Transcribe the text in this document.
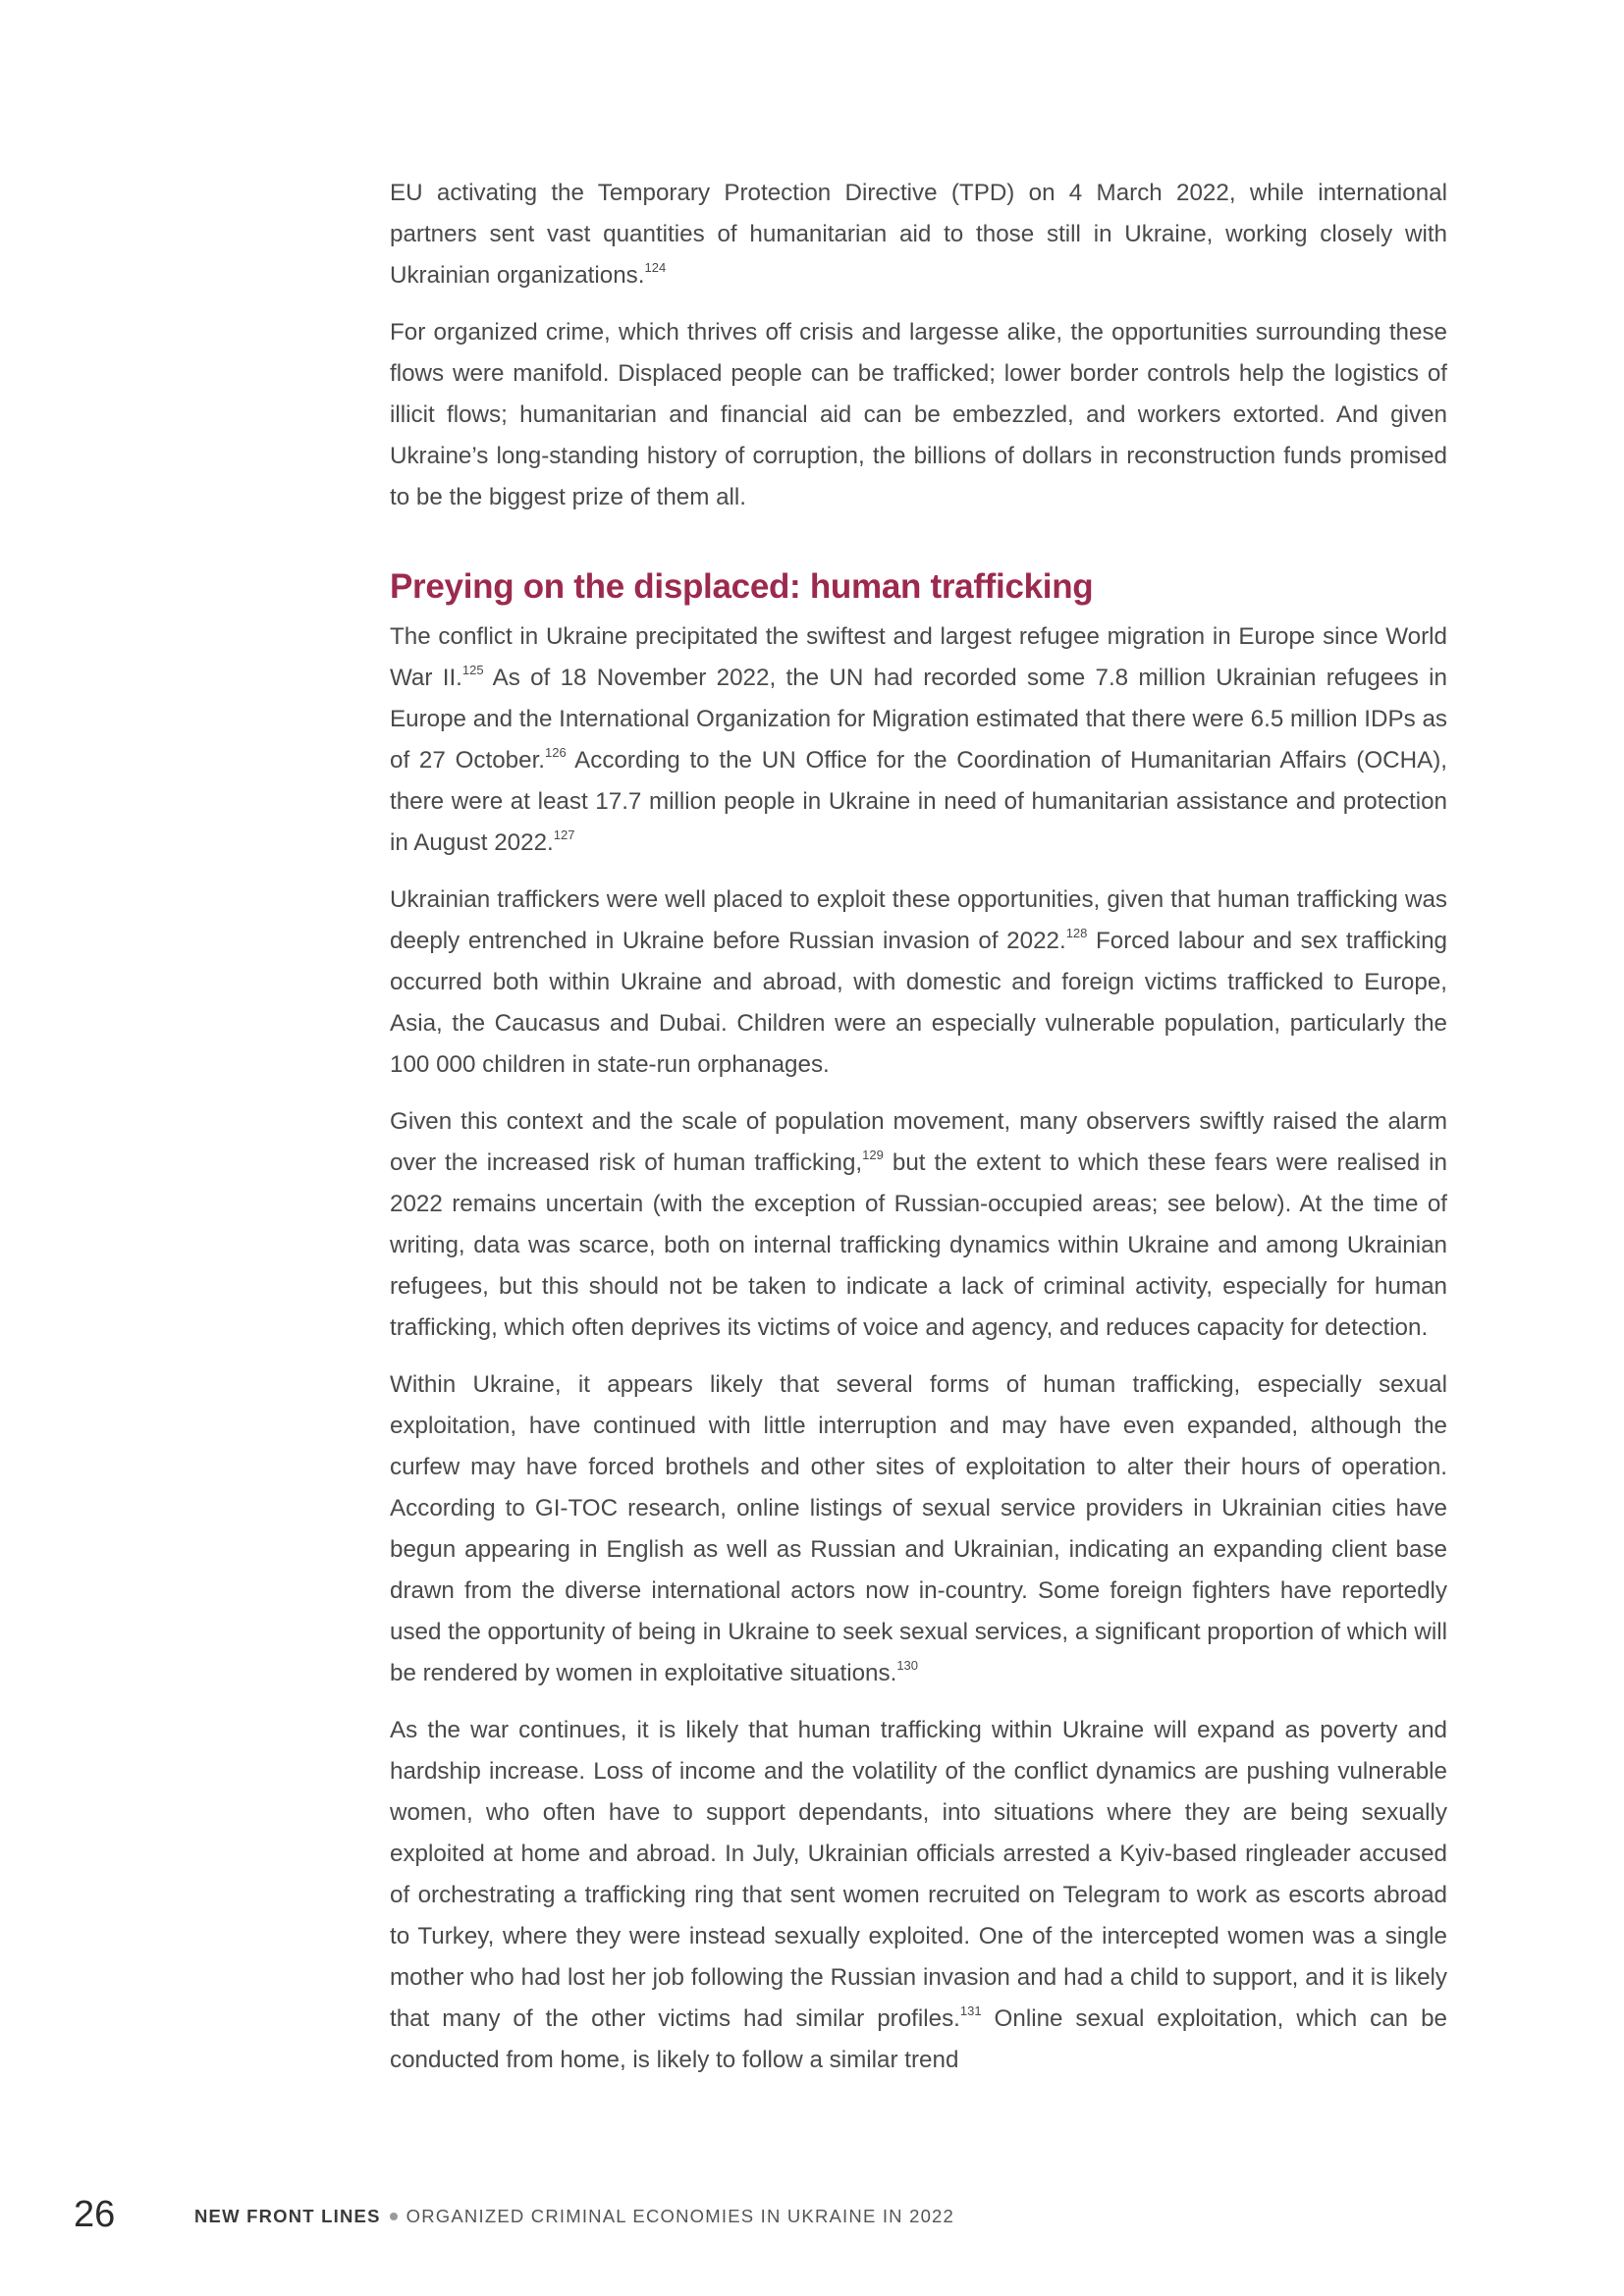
EU activating the Temporary Protection Directive (TPD) on 4 March 2022, while international partners sent vast quantities of humanitarian aid to those still in Ukraine, working closely with Ukrainian organizations.$^{124}$

For organized crime, which thrives off crisis and largesse alike, the opportunities surrounding these flows were manifold. Displaced people can be trafficked; lower border controls help the logistics of illicit flows; humanitarian and financial aid can be embezzled, and workers extorted. And given Ukraine’s long-standing history of corruption, the billions of dollars in reconstruction funds promised to be the biggest prize of them all.

Preying on the displaced: human trafficking

The conflict in Ukraine precipitated the swiftest and largest refugee migration in Europe since World War II.$^{125}$ As of 18 November 2022, the UN had recorded some 7.8 million Ukrainian refugees in Europe and the International Organization for Migration estimated that there were 6.5 million IDPs as of 27 October.$^{126}$ According to the UN Office for the Coordination of Humanitarian Affairs (OCHA), there were at least 17.7 million people in Ukraine in need of humanitarian assistance and protection in August 2022.$^{127}$

Ukrainian traffickers were well placed to exploit these opportunities, given that human trafficking was deeply entrenched in Ukraine before Russian invasion of 2022.$^{128}$ Forced labour and sex trafficking occurred both within Ukraine and abroad, with domestic and foreign victims trafficked to Europe, Asia, the Caucasus and Dubai. Children were an especially vulnerable population, particularly the 100 000 children in state-run orphanages.

Given this context and the scale of population movement, many observers swiftly raised the alarm over the increased risk of human trafficking,$^{129}$ but the extent to which these fears were realised in 2022 remains uncertain (with the exception of Russian-occupied areas; see below). At the time of writing, data was scarce, both on internal trafficking dynamics within Ukraine and among Ukrainian refugees, but this should not be taken to indicate a lack of criminal activity, especially for human trafficking, which often deprives its victims of voice and agency, and reduces capacity for detection.

Within Ukraine, it appears likely that several forms of human trafficking, especially sexual exploitation, have continued with little interruption and may have even expanded, although the curfew may have forced brothels and other sites of exploitation to alter their hours of operation. According to GI-TOC research, online listings of sexual service providers in Ukrainian cities have begun appearing in English as well as Russian and Ukrainian, indicating an expanding client base drawn from the diverse international actors now in-country. Some foreign fighters have reportedly used the opportunity of being in Ukraine to seek sexual services, a significant proportion of which will be rendered by women in exploitative situations.$^{130}$

As the war continues, it is likely that human trafficking within Ukraine will expand as poverty and hardship increase. Loss of income and the volatility of the conflict dynamics are pushing vulnerable women, who often have to support dependants, into situations where they are being sexually exploited at home and abroad. In July, Ukrainian officials arrested a Kyiv-based ringleader accused of orchestrating a trafficking ring that sent women recruited on Telegram to work as escorts abroad to Turkey, where they were instead sexually exploited. One of the intercepted women was a single mother who had lost her job following the Russian invasion and had a child to support, and it is likely that many of the other victims had similar profiles.$^{131}$ Online sexual exploitation, which can be conducted from home, is likely to follow a similar trend

26	NEW FRONT LINES ORGANIZED CRIMINAL ECONOMIES IN UKRAINE IN 2022
